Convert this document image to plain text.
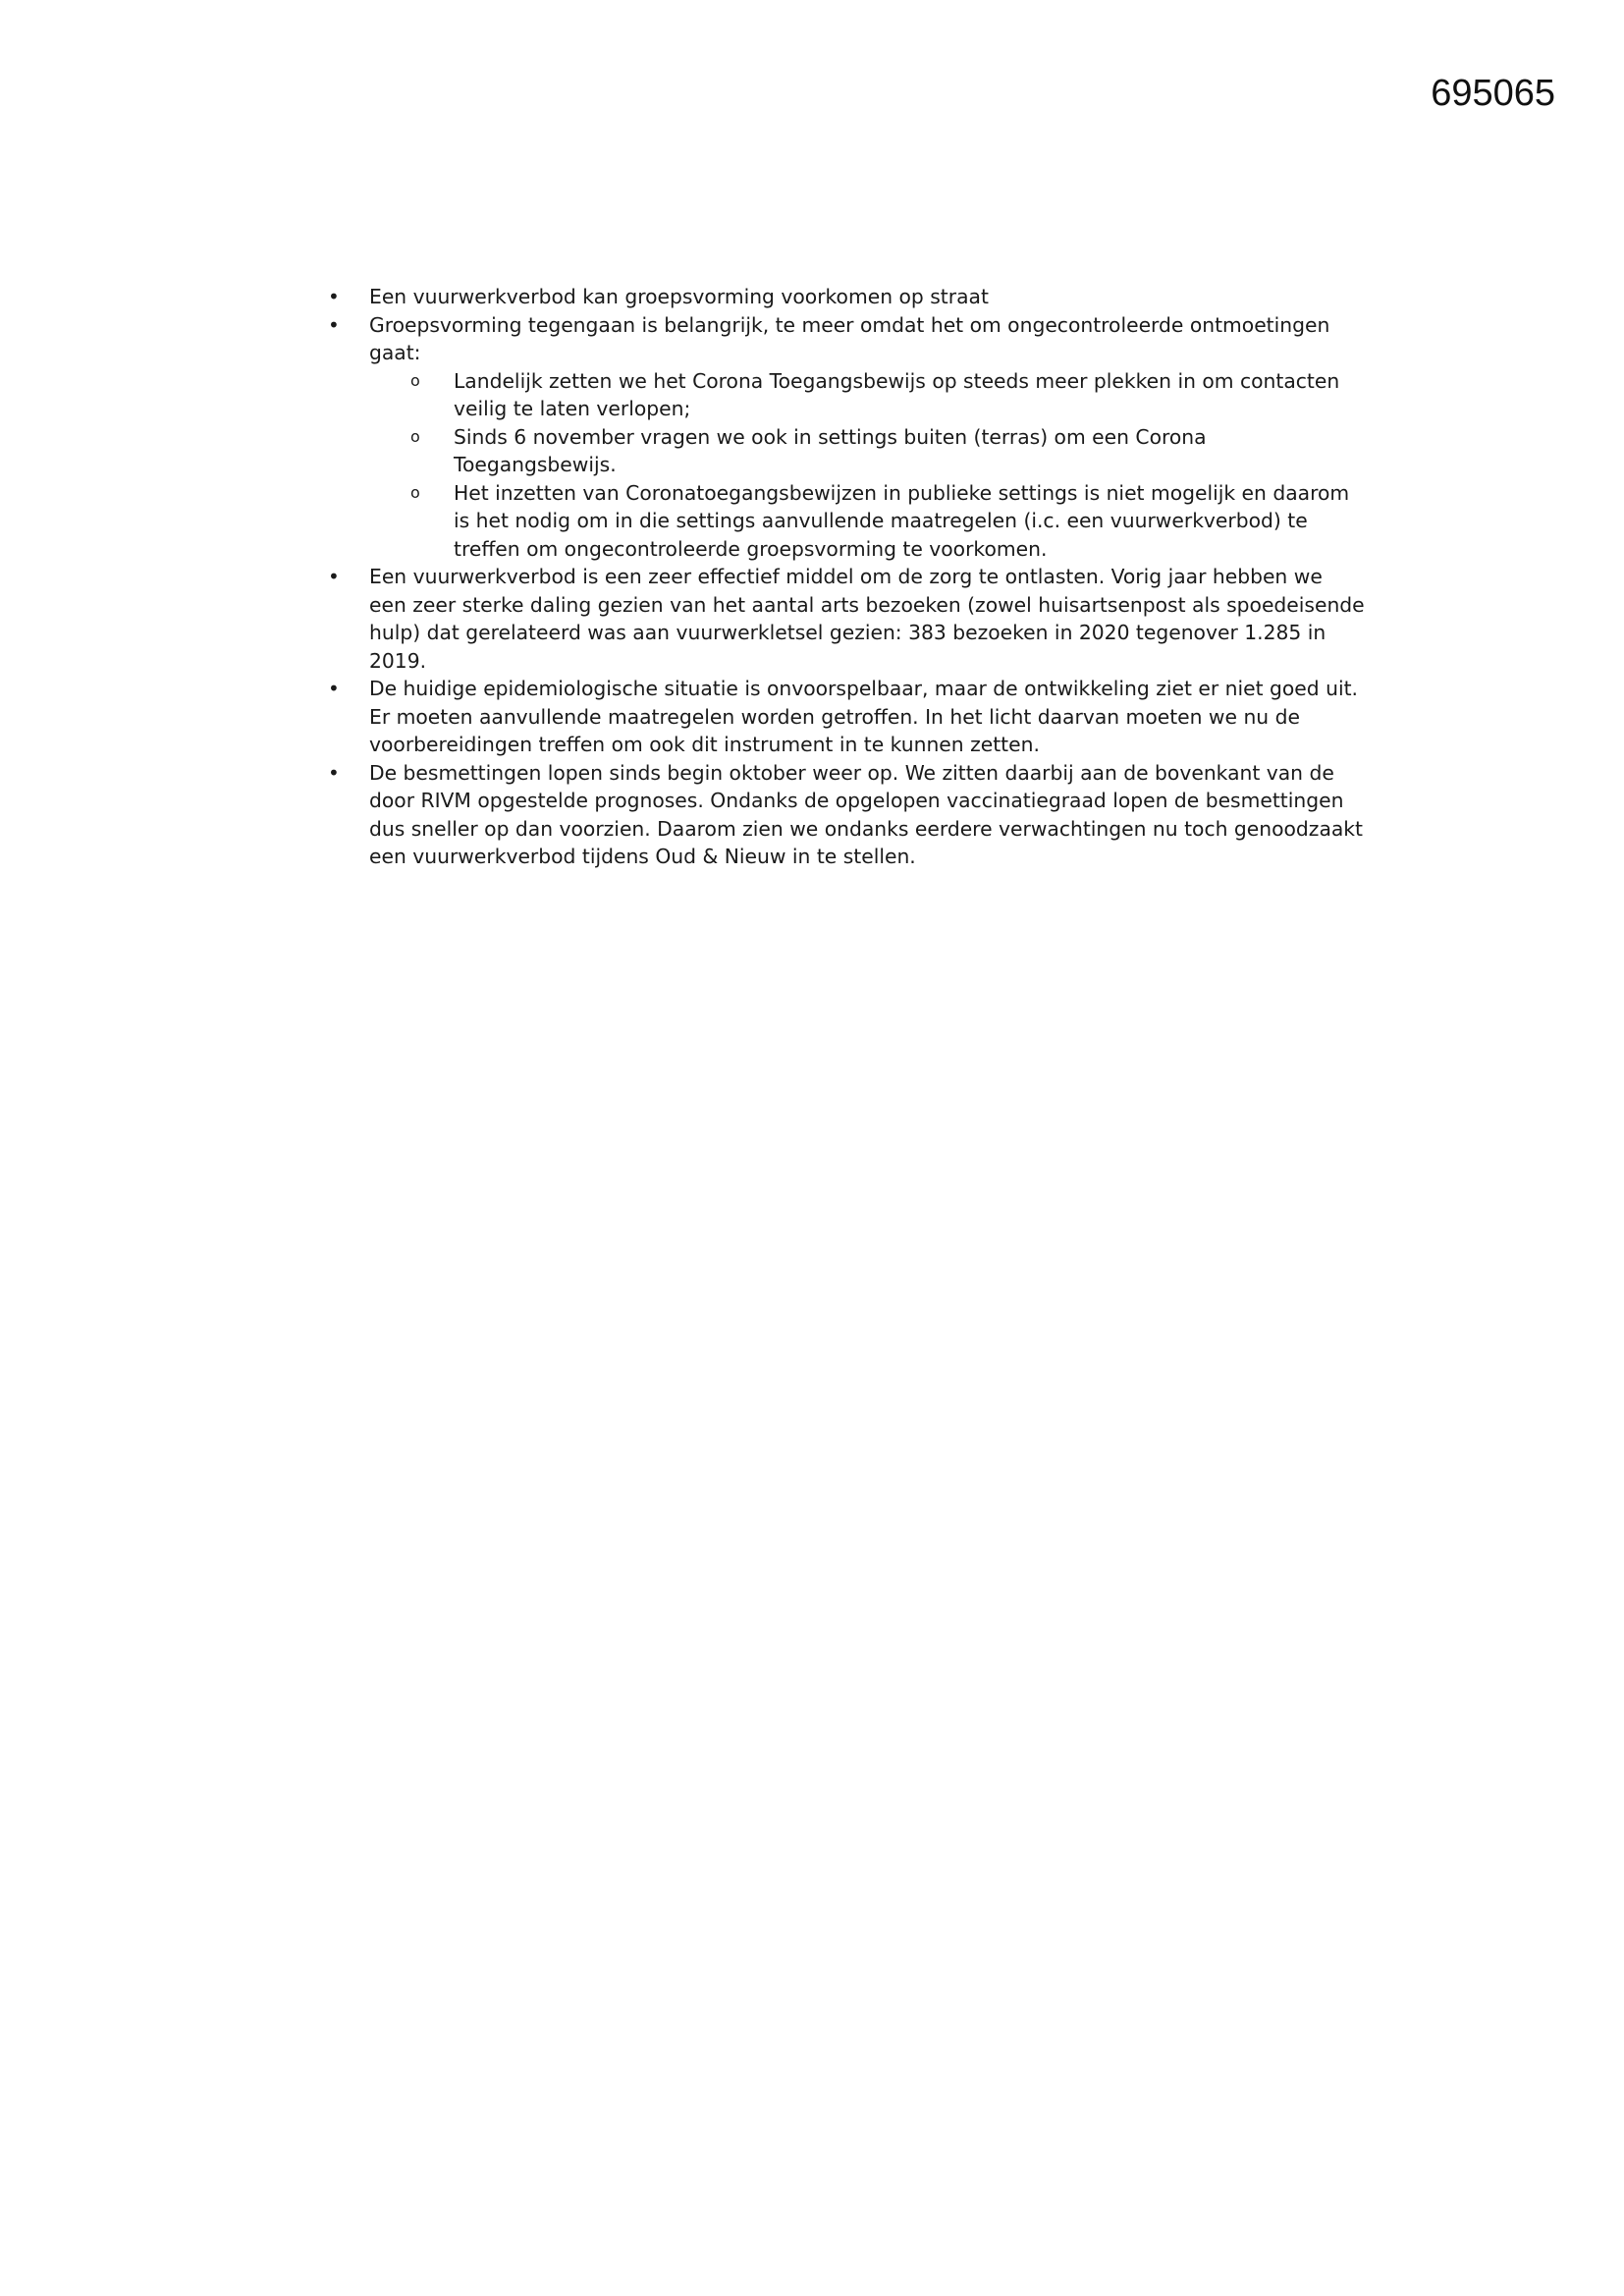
695065

• Een vuurwerkverbod kan groepsvorming voorkomen op straat
• Groepsvorming tegengaan is belangrijk, te meer omdat het om ongecontroleerde ontmoetingen gaat:
o Landelijk zetten we het Corona Toegangsbewijs op steeds meer plekken in om contacten veilig te laten verlopen;
o Sinds 6 november vragen we ook in settings buiten (terras) om een Corona Toegangsbewijs.
o Het inzetten van Coronatoegangsbewijzen in publieke settings is niet mogelijk en daarom is het nodig om in die settings aanvullende maatregelen (i.c. een vuurwerkverbod) te treffen om ongecontroleerde groepsvorming te voorkomen.
• Een vuurwerkverbod is een zeer effectief middel om de zorg te ontlasten. Vorig jaar hebben we een zeer sterke daling gezien van het aantal arts bezoeken (zowel huisartsenpost als spoedeisende hulp) dat gerelateerd was aan vuurwerkletsel gezien: 383 bezoeken in 2020 tegenover 1.285 in 2019.
• De huidige epidemiologische situatie is onvoorspelbaar, maar de ontwikkeling ziet er niet goed uit. Er moeten aanvullende maatregelen worden getroffen. In het licht daarvan moeten we nu de voorbereidingen treffen om ook dit instrument in te kunnen zetten.
• De besmettingen lopen sinds begin oktober weer op. We zitten daarbij aan de bovenkant van de door RIVM opgestelde prognoses. Ondanks de opgelopen vaccinatiegraad lopen de besmettingen dus sneller op dan voorzien. Daarom zien we ondanks eerdere verwachtingen nu toch genoodzaakt een vuurwerkverbod tijdens Oud & Nieuw in te stellen.
